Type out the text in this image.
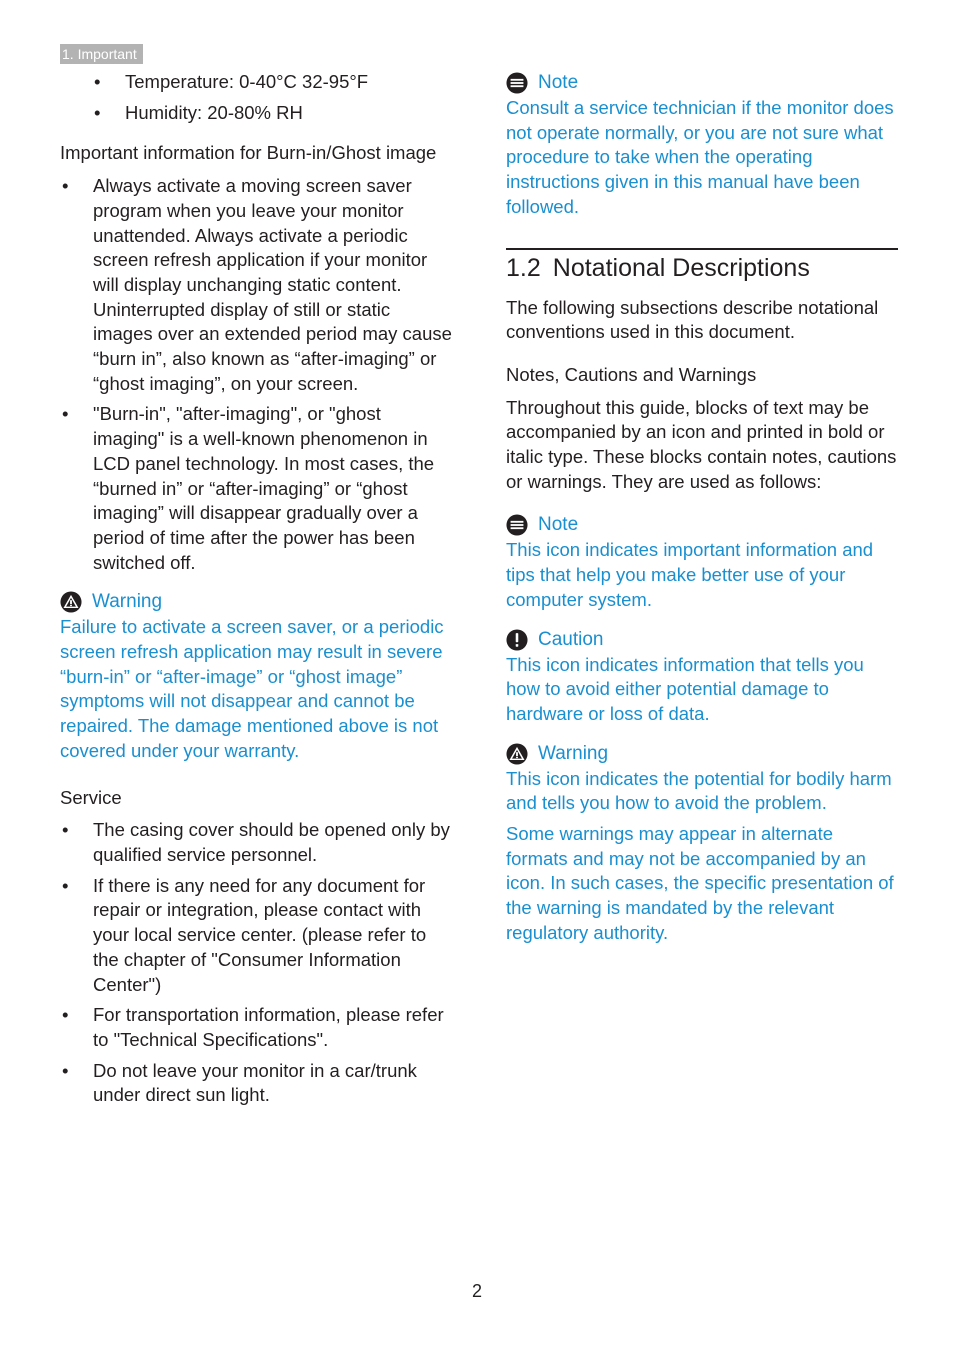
1. Important
• Temperature: 0-40°C 32-95°F
• Humidity: 20-80% RH
Important information for Burn-in/Ghost image
• Always activate a moving screen saver program when you leave your monitor unattended. Always activate a periodic screen refresh application if your monitor will display unchanging static content. Uninterrupted display of still or static images over an extended period may cause “burn in”, also known as “after-imaging” or “ghost imaging”, on your screen.
• "Burn-in", "after-imaging", or "ghost imaging" is a well-known phenomenon in LCD panel technology. In most cases, the “burned in” or “after-imaging” or “ghost imaging” will disappear gradually over a period of time after the power has been switched off.
Warning

Failure to activate a screen saver, or a periodic screen refresh application may result in severe “burn-in” or “after-image” or “ghost image” symptoms will not disappear and cannot be repaired. The damage mentioned above is not covered under your warranty.

Service
• The casing cover should be opened only by qualified service personnel.
• If there is any need for any document for repair or integration, please contact with your local service center. (please refer to the chapter of "Consumer Information Center")
• For transportation information, please refer to "Technical Specifications".
• Do not leave your monitor in a car/trunk under direct sun light.
Note

Consult a service technician if the monitor does not operate normally, or you are not sure what procedure to take when the operating instructions given in this manual have been followed.

1.2 Notational Descriptions

The following subsections describe notational conventions used in this document.

Notes, Cautions and Warnings

Throughout this guide, blocks of text may be accompanied by an icon and printed in bold or italic type. These blocks contain notes, cautions or warnings. They are used as follows:

Note

This icon indicates important information and tips that help you make better use of your computer system.

Caution

This icon indicates information that tells you how to avoid either potential damage to hardware or loss of data.

Warning

This icon indicates the potential for bodily harm and tells you how to avoid the problem.

Some warnings may appear in alternate formats and may not be accompanied by an icon. In such cases, the specific presentation of the warning is mandated by the relevant regulatory authority.

2
